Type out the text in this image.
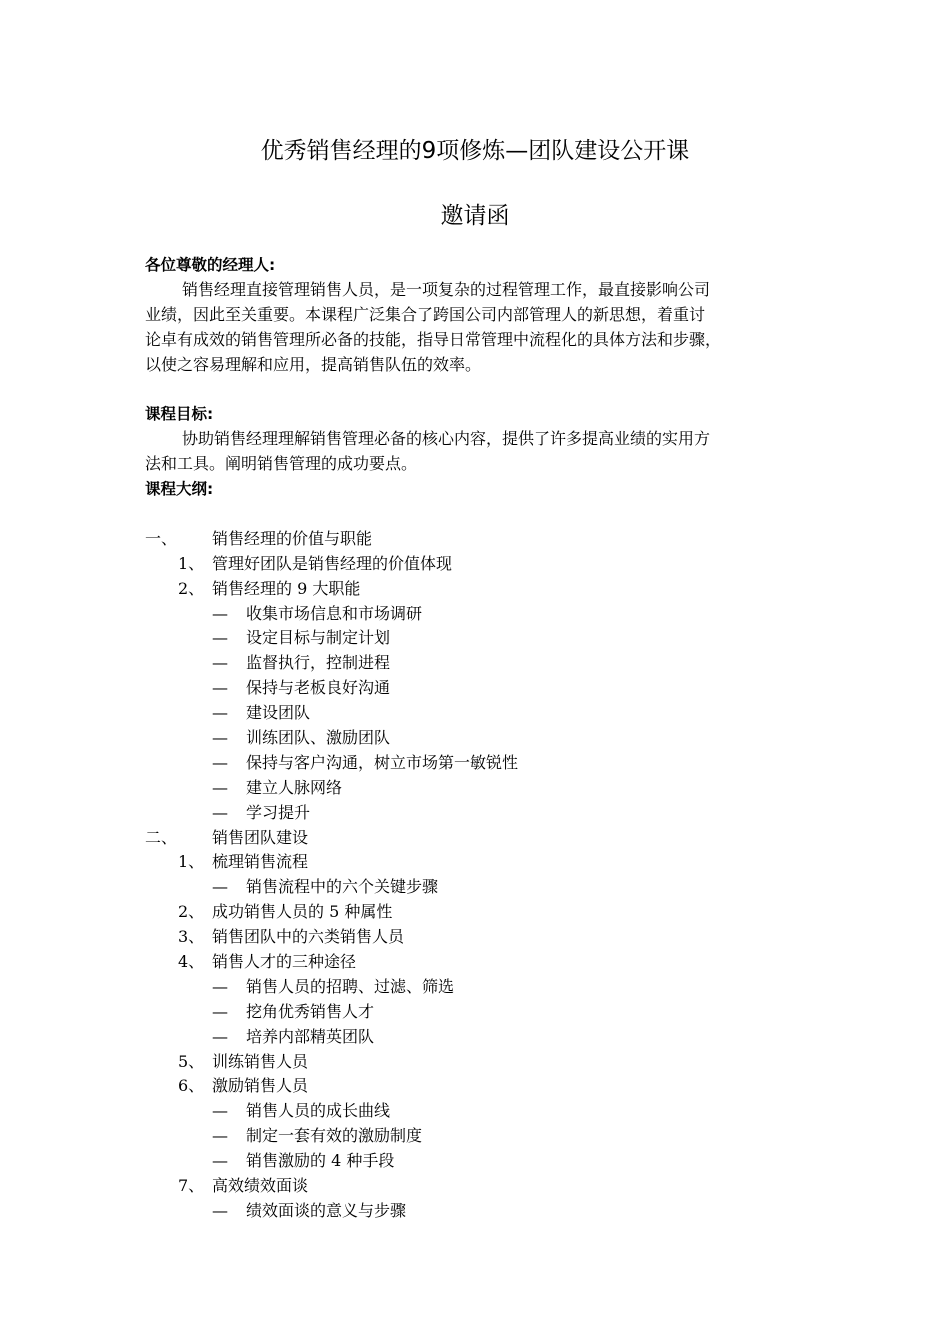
优秀销售经理的9项修炼—团队建设公开课
邀请函
各位尊敬的经理人:
销售经理直接管理销售人员，是一项复杂的过程管理工作，最直接影响公司
业绩，因此至关重要。本课程广泛集合了跨国公司内部管理人的新思想，着重讨
论卓有成效的销售管理所必备的技能，指导日常管理中流程化的具体方法和步骤，
以使之容易理解和应用，提高销售队伍的效率。
课程目标:
协助销售经理理解销售管理必备的核心内容，提供了许多提高业绩的实用方
法和工具。阐明销售管理的成功要点。
课程大纲:
一、 销售经理的价值与职能
1、 管理好团队是销售经理的价值体现
2、 销售经理的 9 大职能
— 收集市场信息和市场调研
— 设定目标与制定计划
— 监督执行，控制进程
— 保持与老板良好沟通
— 建设团队
— 训练团队、激励团队
— 保持与客户沟通，树立市场第一敏锐性
— 建立人脉网络
— 学习提升
二、 销售团队建设
1、 梳理销售流程
— 销售流程中的六个关键步骤
2、 成功销售人员的 5 种属性
3、 销售团队中的六类销售人员
4、 销售人才的三种途径
— 销售人员的招聘、过滤、筛选
— 挖角优秀销售人才
— 培养内部精英团队
5、 训练销售人员
6、 激励销售人员
— 销售人员的成长曲线
— 制定一套有效的激励制度
— 销售激励的 4 种手段
7、 高效绩效面谈
— 绩效面谈的意义与步骤
